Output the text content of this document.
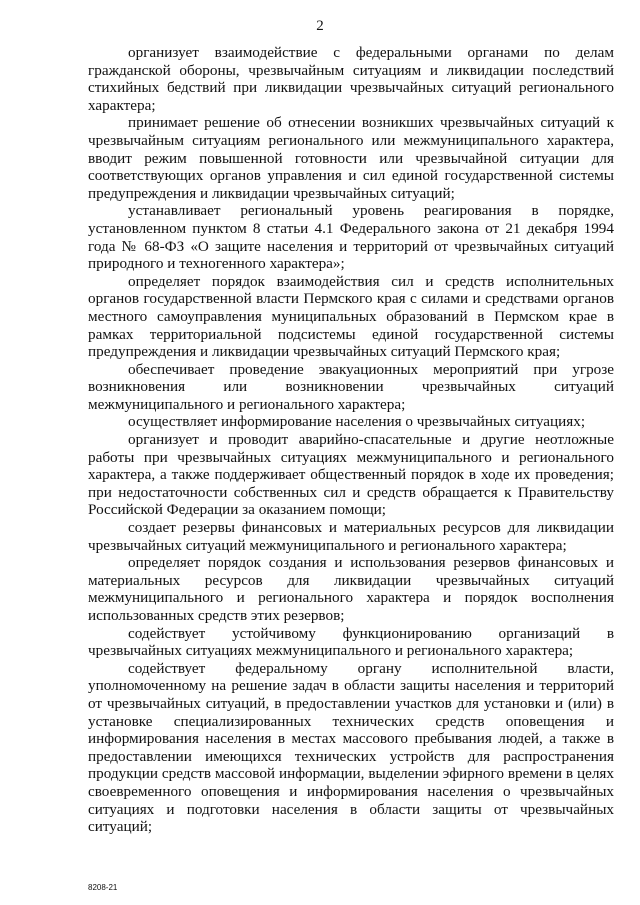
2

организует взаимодействие с федеральными органами по делам гражданской обороны, чрезвычайным ситуациям и ликвидации последствий стихийных бедствий при ликвидации чрезвычайных ситуаций регионального характера;

принимает решение об отнесении возникших чрезвычайных ситуаций к чрезвычайным ситуациям регионального или межмуниципального характера, вводит режим повышенной готовности или чрезвычайной ситуации для соответствующих органов управления и сил единой государственной системы предупреждения и ликвидации чрезвычайных ситуаций;

устанавливает региональный уровень реагирования в порядке, установленном пунктом 8 статьи 4.1 Федерального закона от 21 декабря 1994 года № 68-ФЗ «О защите населения и территорий от чрезвычайных ситуаций природного и техногенного характера»;

определяет порядок взаимодействия сил и средств исполнительных органов государственной власти Пермского края с силами и средствами органов местного самоуправления муниципальных образований в Пермском крае в рамках территориальной подсистемы единой государственной системы предупреждения и ликвидации чрезвычайных ситуаций Пермского края;

обеспечивает проведение эвакуационных мероприятий при угрозе возникновения или возникновении чрезвычайных ситуаций межмуниципального и регионального характера;

осуществляет информирование населения о чрезвычайных ситуациях;

организует и проводит аварийно-спасательные и другие неотложные работы при чрезвычайных ситуациях межмуниципального и регионального характера, а также поддерживает общественный порядок в ходе их проведения; при недостаточности собственных сил и средств обращается к Правительству Российской Федерации за оказанием помощи;

создает резервы финансовых и материальных ресурсов для ликвидации чрезвычайных ситуаций межмуниципального и регионального характера;

определяет порядок создания и использования резервов финансовых и материальных ресурсов для ликвидации чрезвычайных ситуаций межмуниципального и регионального характера и порядок восполнения использованных средств этих резервов;

содействует устойчивому функционированию организаций в чрезвычайных ситуациях межмуниципального и регионального характера;

содействует федеральному органу исполнительной власти, уполномоченному на решение задач в области защиты населения и территорий от чрезвычайных ситуаций, в предоставлении участков для установки и (или) в установке специализированных технических средств оповещения и информирования населения в местах массового пребывания людей, а также в предоставлении имеющихся технических устройств для распространения продукции средств массовой информации, выделении эфирного времени в целях своевременного оповещения и информирования населения о чрезвычайных ситуациях и подготовки населения в области защиты от чрезвычайных ситуаций;

8208-21
